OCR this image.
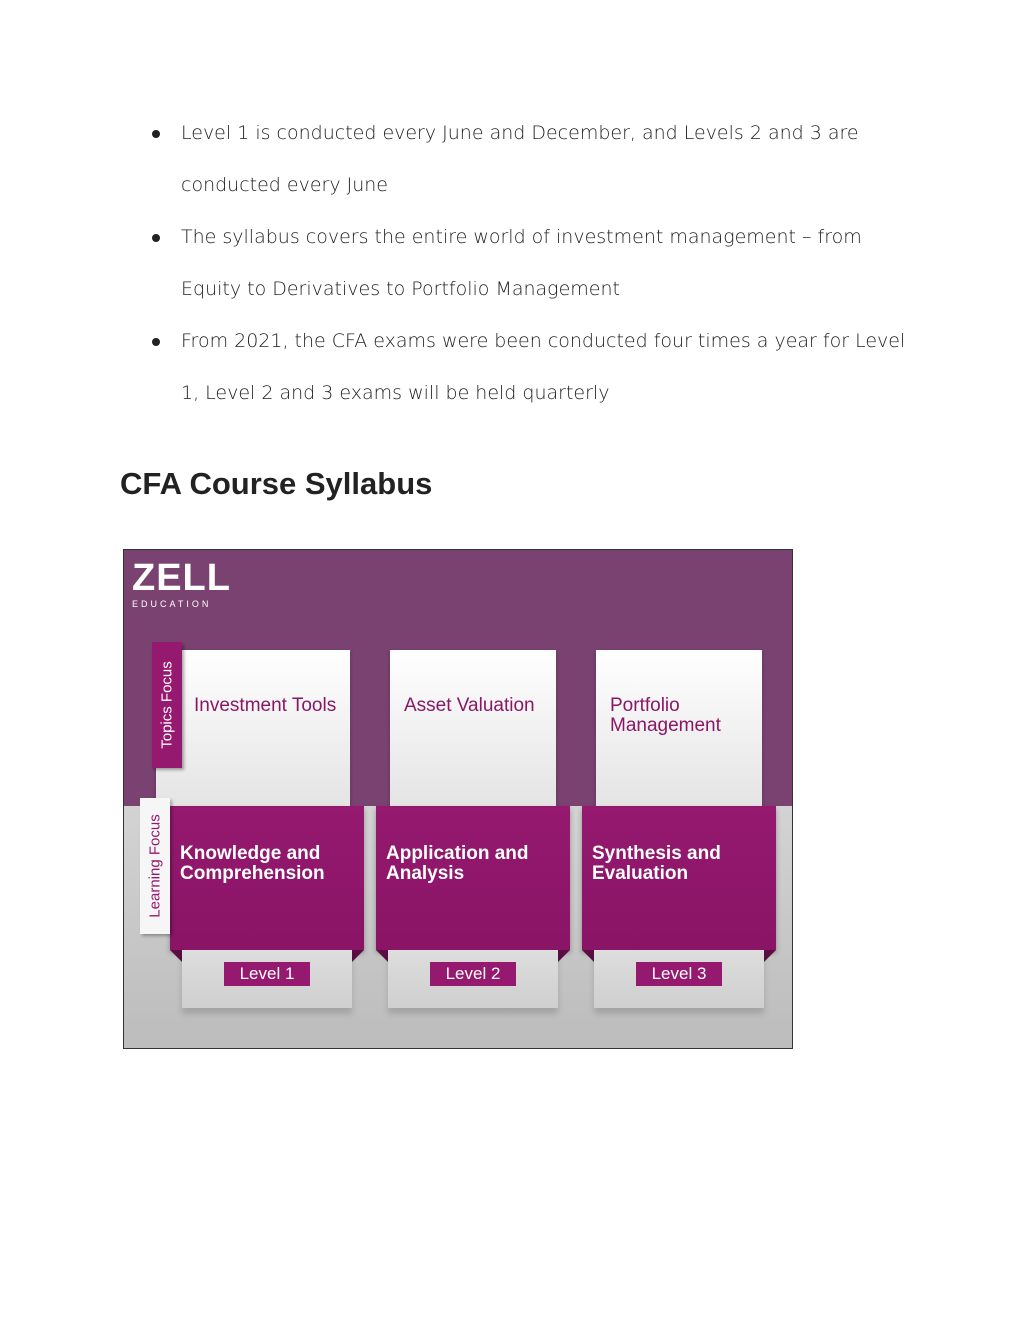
Level 1 is conducted every June and December, and Levels 2 and 3 are conducted every June
The syllabus covers the entire world of investment management – from Equity to Derivatives to Portfolio Management
From 2021, the CFA exams were been conducted four times a year for Level 1, Level 2 and 3 exams will be held quarterly
CFA Course Syllabus
ZELL
EDUCATION
Investment Tools
Knowledge and Comprehension
Level 1
Asset Valuation
Application and Analysis
Level 2
Portfolio Management
Synthesis and Evaluation
Level 3
Topics Focus
Learning Focus
